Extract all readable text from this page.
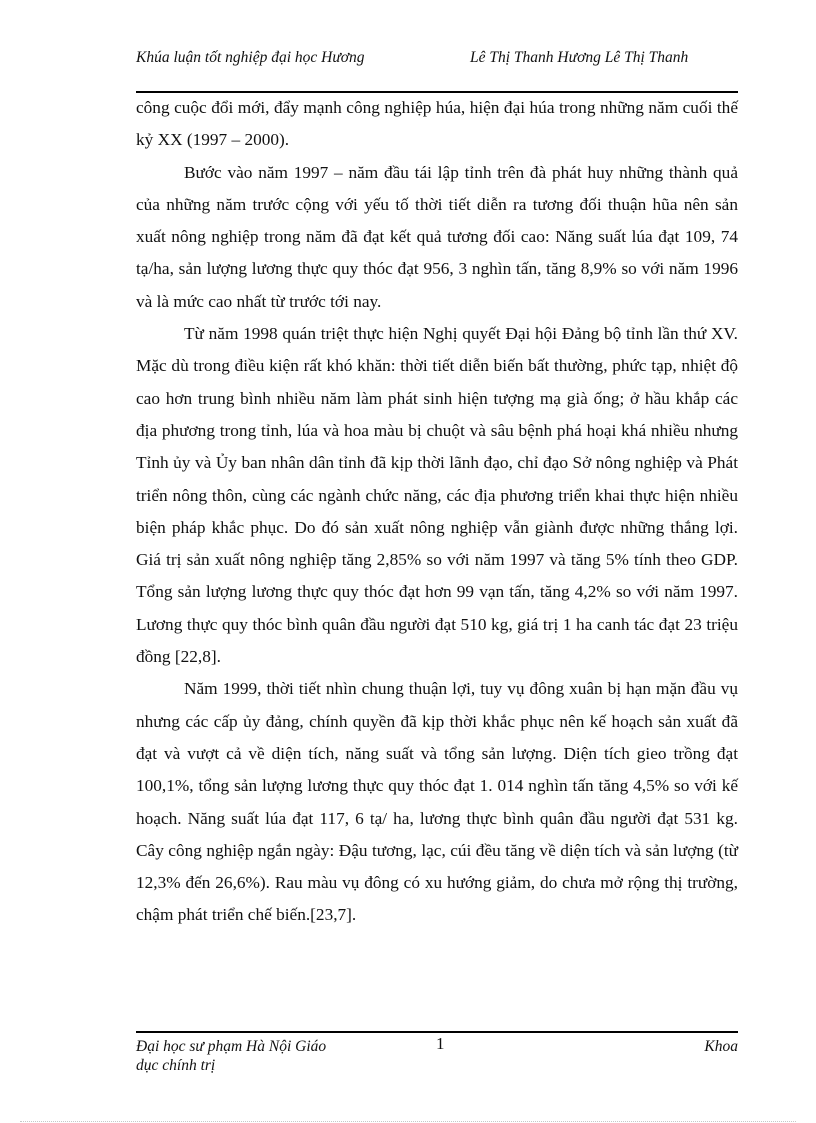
Khúa luận tốt nghiệp đại học Hương	Lê Thị Thanh Hương Lê Thị Thanh

công cuộc đổi mới, đẩy mạnh công nghiệp húa, hiện đại húa trong những năm cuối thế kỷ XX (1997 – 2000).

Bước vào năm 1997 – năm đầu tái lập tỉnh trên đà phát huy những thành quả của những năm trước cộng với yếu tố thời tiết diễn ra tương đối thuận hũa nên sản xuất nông nghiệp trong năm đã đạt kết quả tương đối cao: Năng suất lúa đạt 109, 74 tạ/ha, sản lượng lương thực quy thóc đạt 956, 3 nghìn tấn, tăng 8,9% so với năm 1996 và là mức cao nhất từ trước tới nay.

Từ năm 1998 quán triệt thực hiện Nghị quyết Đại hội Đảng bộ tỉnh lần thứ XV. Mặc dù trong điều kiện rất khó khăn: thời tiết diễn biến bất thường, phức tạp, nhiệt độ cao hơn trung bình nhiều năm làm phát sinh hiện tượng mạ già ống; ở hầu khắp các địa phương trong tỉnh, lúa và hoa màu bị chuột và sâu bệnh phá hoại khá nhiều nhưng Tỉnh ủy và Ủy ban nhân dân tỉnh đã kịp thời lãnh đạo, chỉ đạo Sở nông nghiệp và Phát triển nông thôn, cùng các ngành chức năng, các địa phương triển khai thực hiện nhiều biện pháp khắc phục. Do đó sản xuất nông nghiệp vẫn giành được những thắng lợi. Giá trị sản xuất nông nghiệp tăng 2,85% so với năm 1997 và tăng 5% tính theo GDP. Tổng sản lượng lương thực quy thóc đạt hơn 99 vạn tấn, tăng 4,2% so với năm 1997. Lương thực quy thóc bình quân đầu người đạt 510 kg, giá trị 1 ha canh tác đạt 23 triệu đồng [22,8].

Năm 1999, thời tiết nhìn chung thuận lợi, tuy vụ đông xuân bị hạn mặn đầu vụ nhưng các cấp ủy đảng, chính quyền đã kịp thời khắc phục nên kế hoạch sản xuất đã đạt và vượt cả về diện tích, năng suất và tổng sản lượng. Diện tích gieo trồng đạt 100,1%, tổng sản lượng lương thực quy thóc đạt 1. 014 nghìn tấn tăng 4,5% so với kế hoạch. Năng suất lúa đạt 117, 6 tạ/ ha, lương thực bình quân đầu người đạt 531 kg. Cây công nghiệp ngắn ngày: Đậu tương, lạc, cúi đều tăng về diện tích và sản lượng (từ 12,3% đến 26,6%). Rau màu vụ đông có xu hướng giảm, do chưa mở rộng thị trường, chậm phát triển chế biến.[23,7].

Đại học sư phạm Hà Nội Giáo dục chính trị
1	Khoa
